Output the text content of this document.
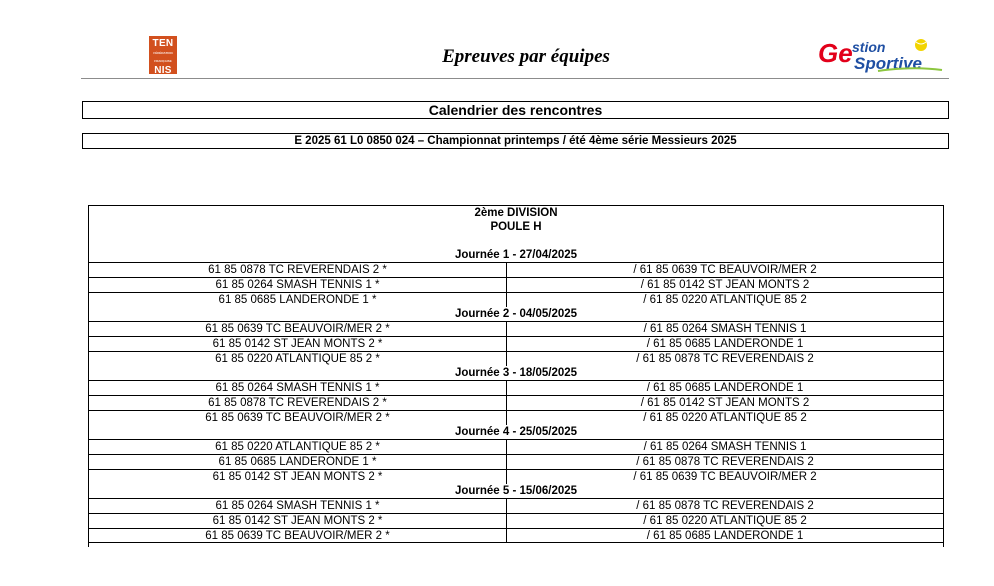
TEN
FÉDÉRATION FRANÇAISE
NIS
Epreuves par équipes	Ge stion
Sportive
Calendrier des rencontres
E 2025 61 L0 0850 024 – Championnat printemps / été 4ème série Messieurs 2025
2ème DIVISION
POULE H
Journée 1 - 27/04/2025
61 85 0878 TC REVERENDAIS 2 *	/ 61 85 0639 TC BEAUVOIR/MER 2
61 85 0264 SMASH TENNIS 1 *	/ 61 85 0142 ST JEAN MONTS 2
61 85 0685 LANDERONDE 1 *	/ 61 85 0220 ATLANTIQUE 85 2
Journée 2 - 04/05/2025
61 85 0639 TC BEAUVOIR/MER 2 *	/ 61 85 0264 SMASH TENNIS 1
61 85 0142 ST JEAN MONTS 2 *	/ 61 85 0685 LANDERONDE 1
61 85 0220 ATLANTIQUE 85 2 *	/ 61 85 0878 TC REVERENDAIS 2
Journée 3 - 18/05/2025
61 85 0264 SMASH TENNIS 1 *	/ 61 85 0685 LANDERONDE 1
61 85 0878 TC REVERENDAIS 2 *	/ 61 85 0142 ST JEAN MONTS 2
61 85 0639 TC BEAUVOIR/MER 2 *	/ 61 85 0220 ATLANTIQUE 85 2
Journée 4 - 25/05/2025
61 85 0220 ATLANTIQUE 85 2 *	/ 61 85 0264 SMASH TENNIS 1
61 85 0685 LANDERONDE 1 *	/ 61 85 0878 TC REVERENDAIS 2
61 85 0142 ST JEAN MONTS 2 *	/ 61 85 0639 TC BEAUVOIR/MER 2
Journée 5 - 15/06/2025
61 85 0264 SMASH TENNIS 1 *	/ 61 85 0878 TC REVERENDAIS 2
61 85 0142 ST JEAN MONTS 2 *	/ 61 85 0220 ATLANTIQUE 85 2
61 85 0639 TC BEAUVOIR/MER 2 *	/ 61 85 0685 LANDERONDE 1
